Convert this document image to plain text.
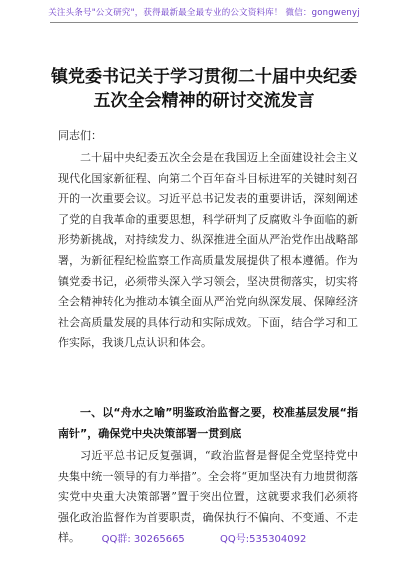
关注头条号"公文研究"，获得最新最全最专业的公文资料库！ 微信：gongwenyj
镇党委书记关于学习贯彻二十届中央纪委
五次全会精神的研讨交流发言
同志们：
二十届中央纪委五次全会是在我国迈上全面建设社会主义现代化国家新征程、向第二个百年奋斗目标进军的关键时刻召开的一次重要会议。习近平总书记发表的重要讲话，深刻阐述了党的自我革命的重要思想，科学研判了反腐败斗争面临的新形势新挑战，对持续发力、纵深推进全面从严治党作出战略部署，为新征程纪检监察工作高质量发展提供了根本遵循。作为镇党委书记，必须带头深入学习领会，坚决贯彻落实，切实将全会精神转化为推动本镇全面从严治党向纵深发展、保障经济社会高质量发展的具体行动和实际成效。下面，结合学习和工作实际，我谈几点认识和体会。
一、以“舟水之喻”明鉴政治监督之要，校准基层发展“指南针”，确保党中央决策部署一贯到底
习近平总书记反复强调，“政治监督是督促全党坚持党中央集中统一领导的有力举措”。全会将“更加坚决有力地贯彻落实党中央重大决策部署”置于突出位置，这就要求我们必须将强化政治监督作为首要职责，确保执行不偏向、不变通、不走样。	QQ群: 30265665	QQ号:535304092
